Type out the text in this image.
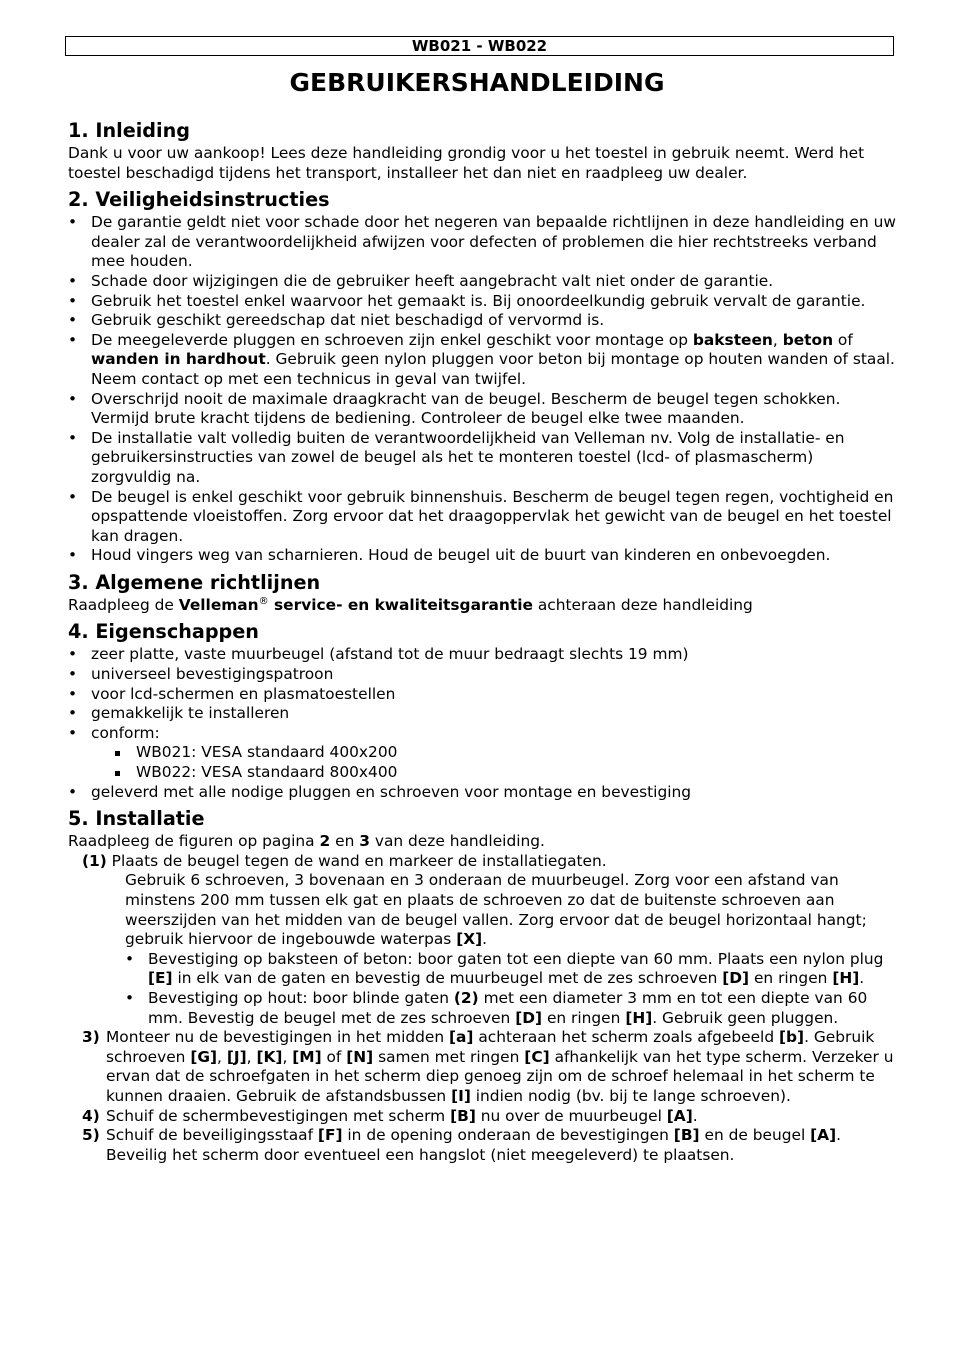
WB021 - WB022
GEBRUIKERSHANDLEIDING
1. Inleiding

Dank u voor uw aankoop! Lees deze handleiding grondig voor u het toestel in gebruik neemt. Werd het toestel beschadigd tijdens het transport, installeer het dan niet en raadpleeg uw dealer.

2. Veiligheidsinstructies
• De garantie geldt niet voor schade door het negeren van bepaalde richtlijnen in deze handleiding en uw dealer zal de verantwoordelijkheid afwijzen voor defecten of problemen die hier rechtstreeks verband mee houden.
• Schade door wijzigingen die de gebruiker heeft aangebracht valt niet onder de garantie.
• Gebruik het toestel enkel waarvoor het gemaakt is. Bij onoordeelkundig gebruik vervalt de garantie.
• Gebruik geschikt gereedschap dat niet beschadigd of vervormd is.
• De meegeleverde pluggen en schroeven zijn enkel geschikt voor montage op baksteen, beton of wanden in hardhout. Gebruik geen nylon pluggen voor beton bij montage op houten wanden of staal. Neem contact op met een technicus in geval van twijfel.
• Overschrijd nooit de maximale draagkracht van de beugel. Bescherm de beugel tegen schokken. Vermijd brute kracht tijdens de bediening. Controleer de beugel elke twee maanden.
• De installatie valt volledig buiten de verantwoordelijkheid van Velleman nv. Volg de installatie- en gebruikersinstructies van zowel de beugel als het te monteren toestel (lcd- of plasmascherm) zorgvuldig na.
• De beugel is enkel geschikt voor gebruik binnenshuis. Bescherm de beugel tegen regen, vochtigheid en opspattende vloeistoffen. Zorg ervoor dat het draagoppervlak het gewicht van de beugel en het toestel kan dragen.
• Houd vingers weg van scharnieren. Houd de beugel uit de buurt van kinderen en onbevoegden.
3. Algemene richtlijnen

Raadpleeg de Velleman® service- en kwaliteitsgarantie achteraan deze handleiding

4. Eigenschappen
• zeer platte, vaste muurbeugel (afstand tot de muur bedraagt slechts 19 mm)
• universeel bevestigingspatroon
• voor lcd-schermen en plasmatoestellen
• gemakkelijk te installeren
• conform:
WB021: VESA standaard 400x200
WB022: VESA standaard 800x400
• geleverd met alle nodige pluggen en schroeven voor montage en bevestiging
5. Installatie

Raadpleeg de figuren op pagina 2 en 3 van deze handleiding.

(1) Plaats de beugel tegen de wand en markeer de installatiegaten.

Gebruik 6 schroeven, 3 bovenaan en 3 onderaan de muurbeugel. Zorg voor een afstand van minstens 200 mm tussen elk gat en plaats de schroeven zo dat de buitenste schroeven aan weerszijden van het midden van de beugel vallen. Zorg ervoor dat de beugel horizontaal hangt; gebruik hiervoor de ingebouwde waterpas [X].

• Bevestiging op baksteen of beton: boor gaten tot een diepte van 60 mm. Plaats een nylon plug [E] in elk van de gaten en bevestig de muurbeugel met de zes schroeven [D] en ringen [H].
• Bevestiging op hout: boor blinde gaten (2) met een diameter 3 mm en tot een diepte van 60 mm. Bevestig de beugel met de zes schroeven [D] en ringen [H]. Gebruik geen pluggen.
3) Monteer nu de bevestigingen in het midden [a] achteraan het scherm zoals afgebeeld [b]. Gebruik schroeven [G], [J], [K], [M] of [N] samen met ringen [C] afhankelijk van het type scherm. Verzeker u ervan dat de schroefgaten in het scherm diep genoeg zijn om de schroef helemaal in het scherm te kunnen draaien. Gebruik de afstandsbussen [I] indien nodig (bv. bij te lange schroeven).
4) Schuif de schermbevestigingen met scherm [B] nu over de muurbeugel [A].
5) Schuif de beveiligingsstaaf [F] in de opening onderaan de bevestigingen [B] en de beugel [A]. Beveilig het scherm door eventueel een hangslot (niet meegeleverd) te plaatsen.
